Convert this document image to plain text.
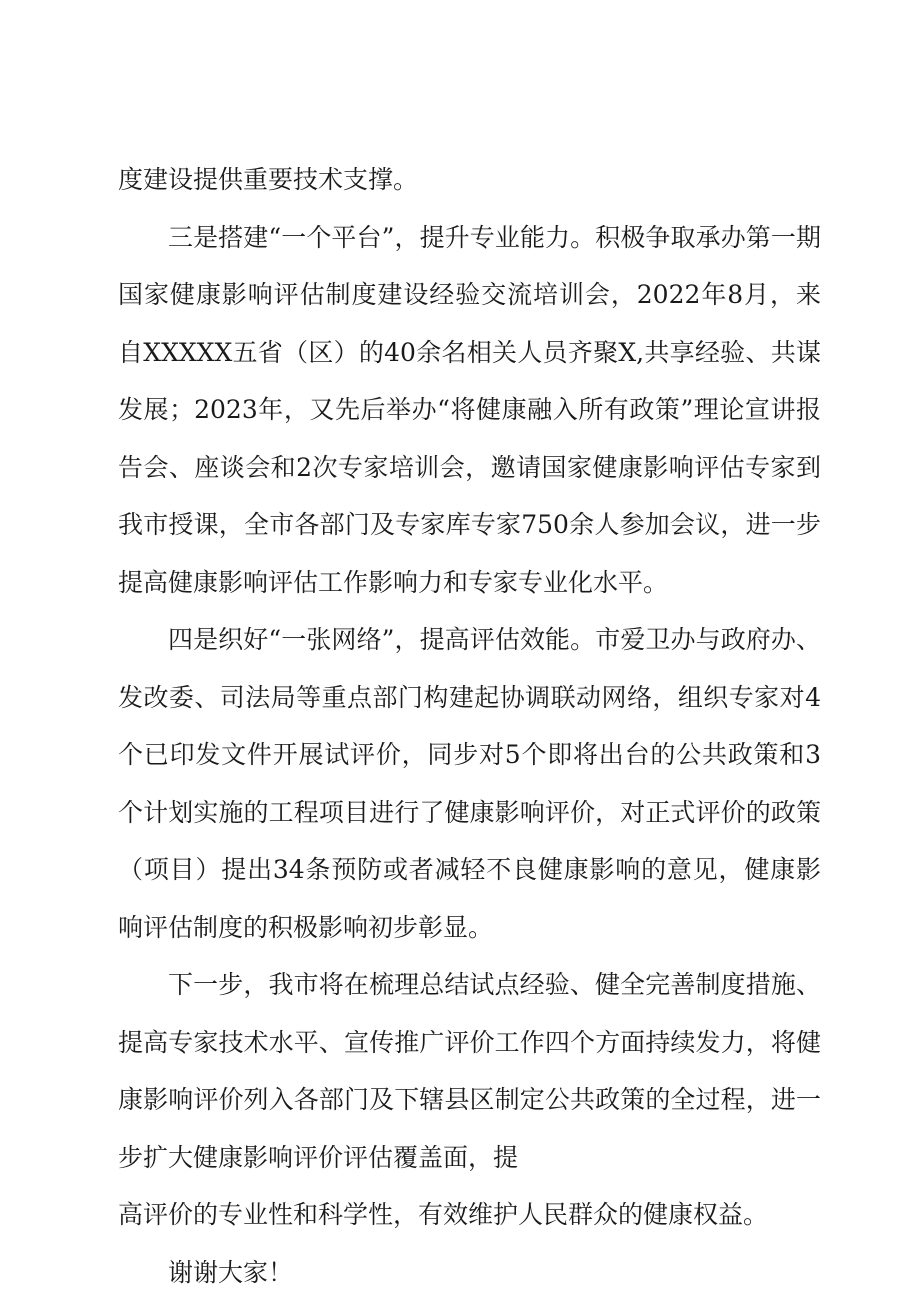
度建设提供重要技术支撑。

三是搭建“一个平台”，提升专业能力。积极争取承办第一期国家健康影响评估制度建设经验交流培训会，2022年8月，来自XXXXX五省（区）的40余名相关人员齐聚X,共享经验、共谋发展；2023年，又先后举办“将健康融入所有政策”理论宣讲报告会、座谈会和2次专家培训会，邀请国家健康影响评估专家到我市授课，全市各部门及专家库专家750余人参加会议，进一步提高健康影响评估工作影响力和专家专业化水平。

四是织好“一张网络”，提高评估效能。市爱卫办与政府办、发改委、司法局等重点部门构建起协调联动网络，组织专家对4个已印发文件开展试评价，同步对5个即将出台的公共政策和3个计划实施的工程项目进行了健康影响评价，对正式评价的政策（项目）提出34条预防或者减轻不良健康影响的意见，健康影响评估制度的积极影响初步彰显。

下一步，我市将在梳理总结试点经验、健全完善制度措施、提高专家技术水平、宣传推广评价工作四个方面持续发力，将健康影响评价列入各部门及下辖县区制定公共政策的全过程，进一步扩大健康影响评价评估覆盖面，提

高评价的专业性和科学性，有效维护人民群众的健康权益。

谢谢大家！
